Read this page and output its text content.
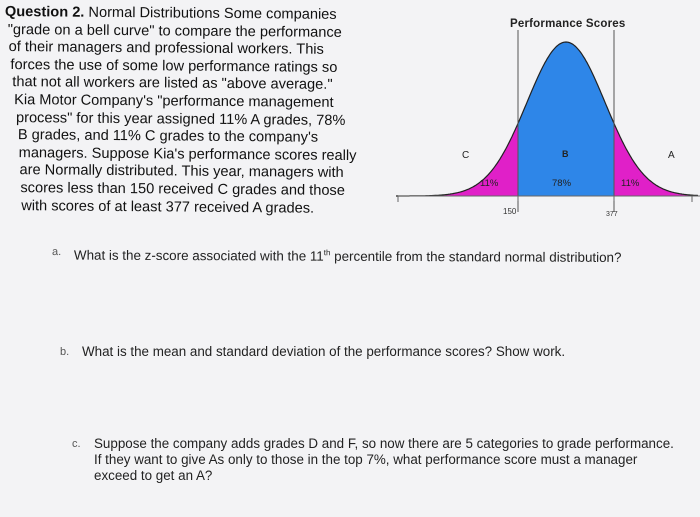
Question 2. Normal Distributions Some companies
"grade on a bell curve" to compare the performance
of their managers and professional workers. This
forces the use of some low performance ratings so
that not all workers are listed as "above average."
Kia Motor Company's "performance management
process" for this year assigned 11% A grades, 78%
B grades, and 11% C grades to the company's
managers. Suppose Kia's performance scores really
are Normally distributed. This year, managers with
scores less than 150 received C grades and those
with scores of at least 377 received A grades.
Performance Scores
C	B	A
11%	78%	11%
150	377
a. What is the z-score associated with the 11th percentile from the standard normal distribution?
b. What is the mean and standard deviation of the performance scores? Show work.
c. Suppose the company adds grades D and F, so now there are 5 categories to grade performance. If they want to give As only to those in the top 7%, what performance score must a manager exceed to get an A?
